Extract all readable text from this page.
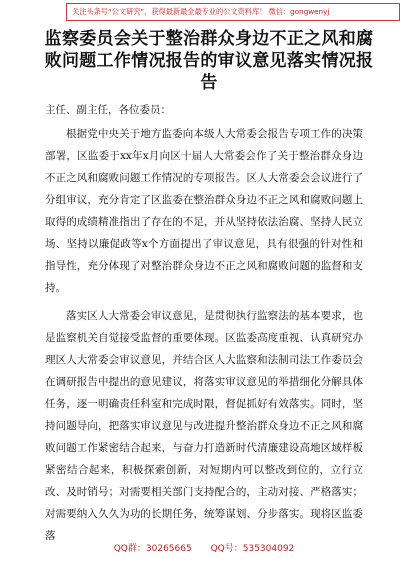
关注头条号“公文研究”，获得最新最全最专业的公文资料库！ 微信：gongwenyj
监察委员会关于整治群众身边不正之风和腐败问题工作情况报告的审议意见落实情况报告
主任、副主任，各位委员：

根据党中央关于地方监委向本级人大常委会报告专项工作的决策部署，区监委于xx年x月向区十届人大常委会作了关于整治群众身边不正之风和腐败问题工作情况的专项报告。区人大常委会会议进行了分组审议，充分肯定了区监委在整治群众身边不正之风和腐败问题上取得的成绩精准指出了存在的不足，并从坚持依法治腐、坚持人民立场、坚持以廉促政等x个方面提出了审议意见，具有很强的针对性和指导性，充分体现了对整治群众身边不正之风和腐败问题的监督和支持。

落实区人大常委会审议意见，是贯彻执行监察法的基本要求，也是监察机关自觉接受监督的重要体现。区监委高度重视、认真研究办理区人大常委会审议意见，并结合区人大监察和法制司法工作委员会在调研报告中提出的意见建议，将落实审议意见的举措细化分解具体任务，逐一明确责任科室和完成时限，督促抓好有效落实。同时，坚持问题导向，把落实审议意见与改进提升整治群众身边不正之风和腐败问题工作紧密结合起来，与奋力打造新时代清廉建设高地区域样板紧密结合起来，积极探索创新，对短期内可以整改到位的，立行立改、及时销号；对需要相关部门支持配合的，主动对接、严格落实；对需要纳入久久为功的长期任务，统筹谋划、分步落实。现将区监委落

QQ群：30265665 QQ号：535304092
